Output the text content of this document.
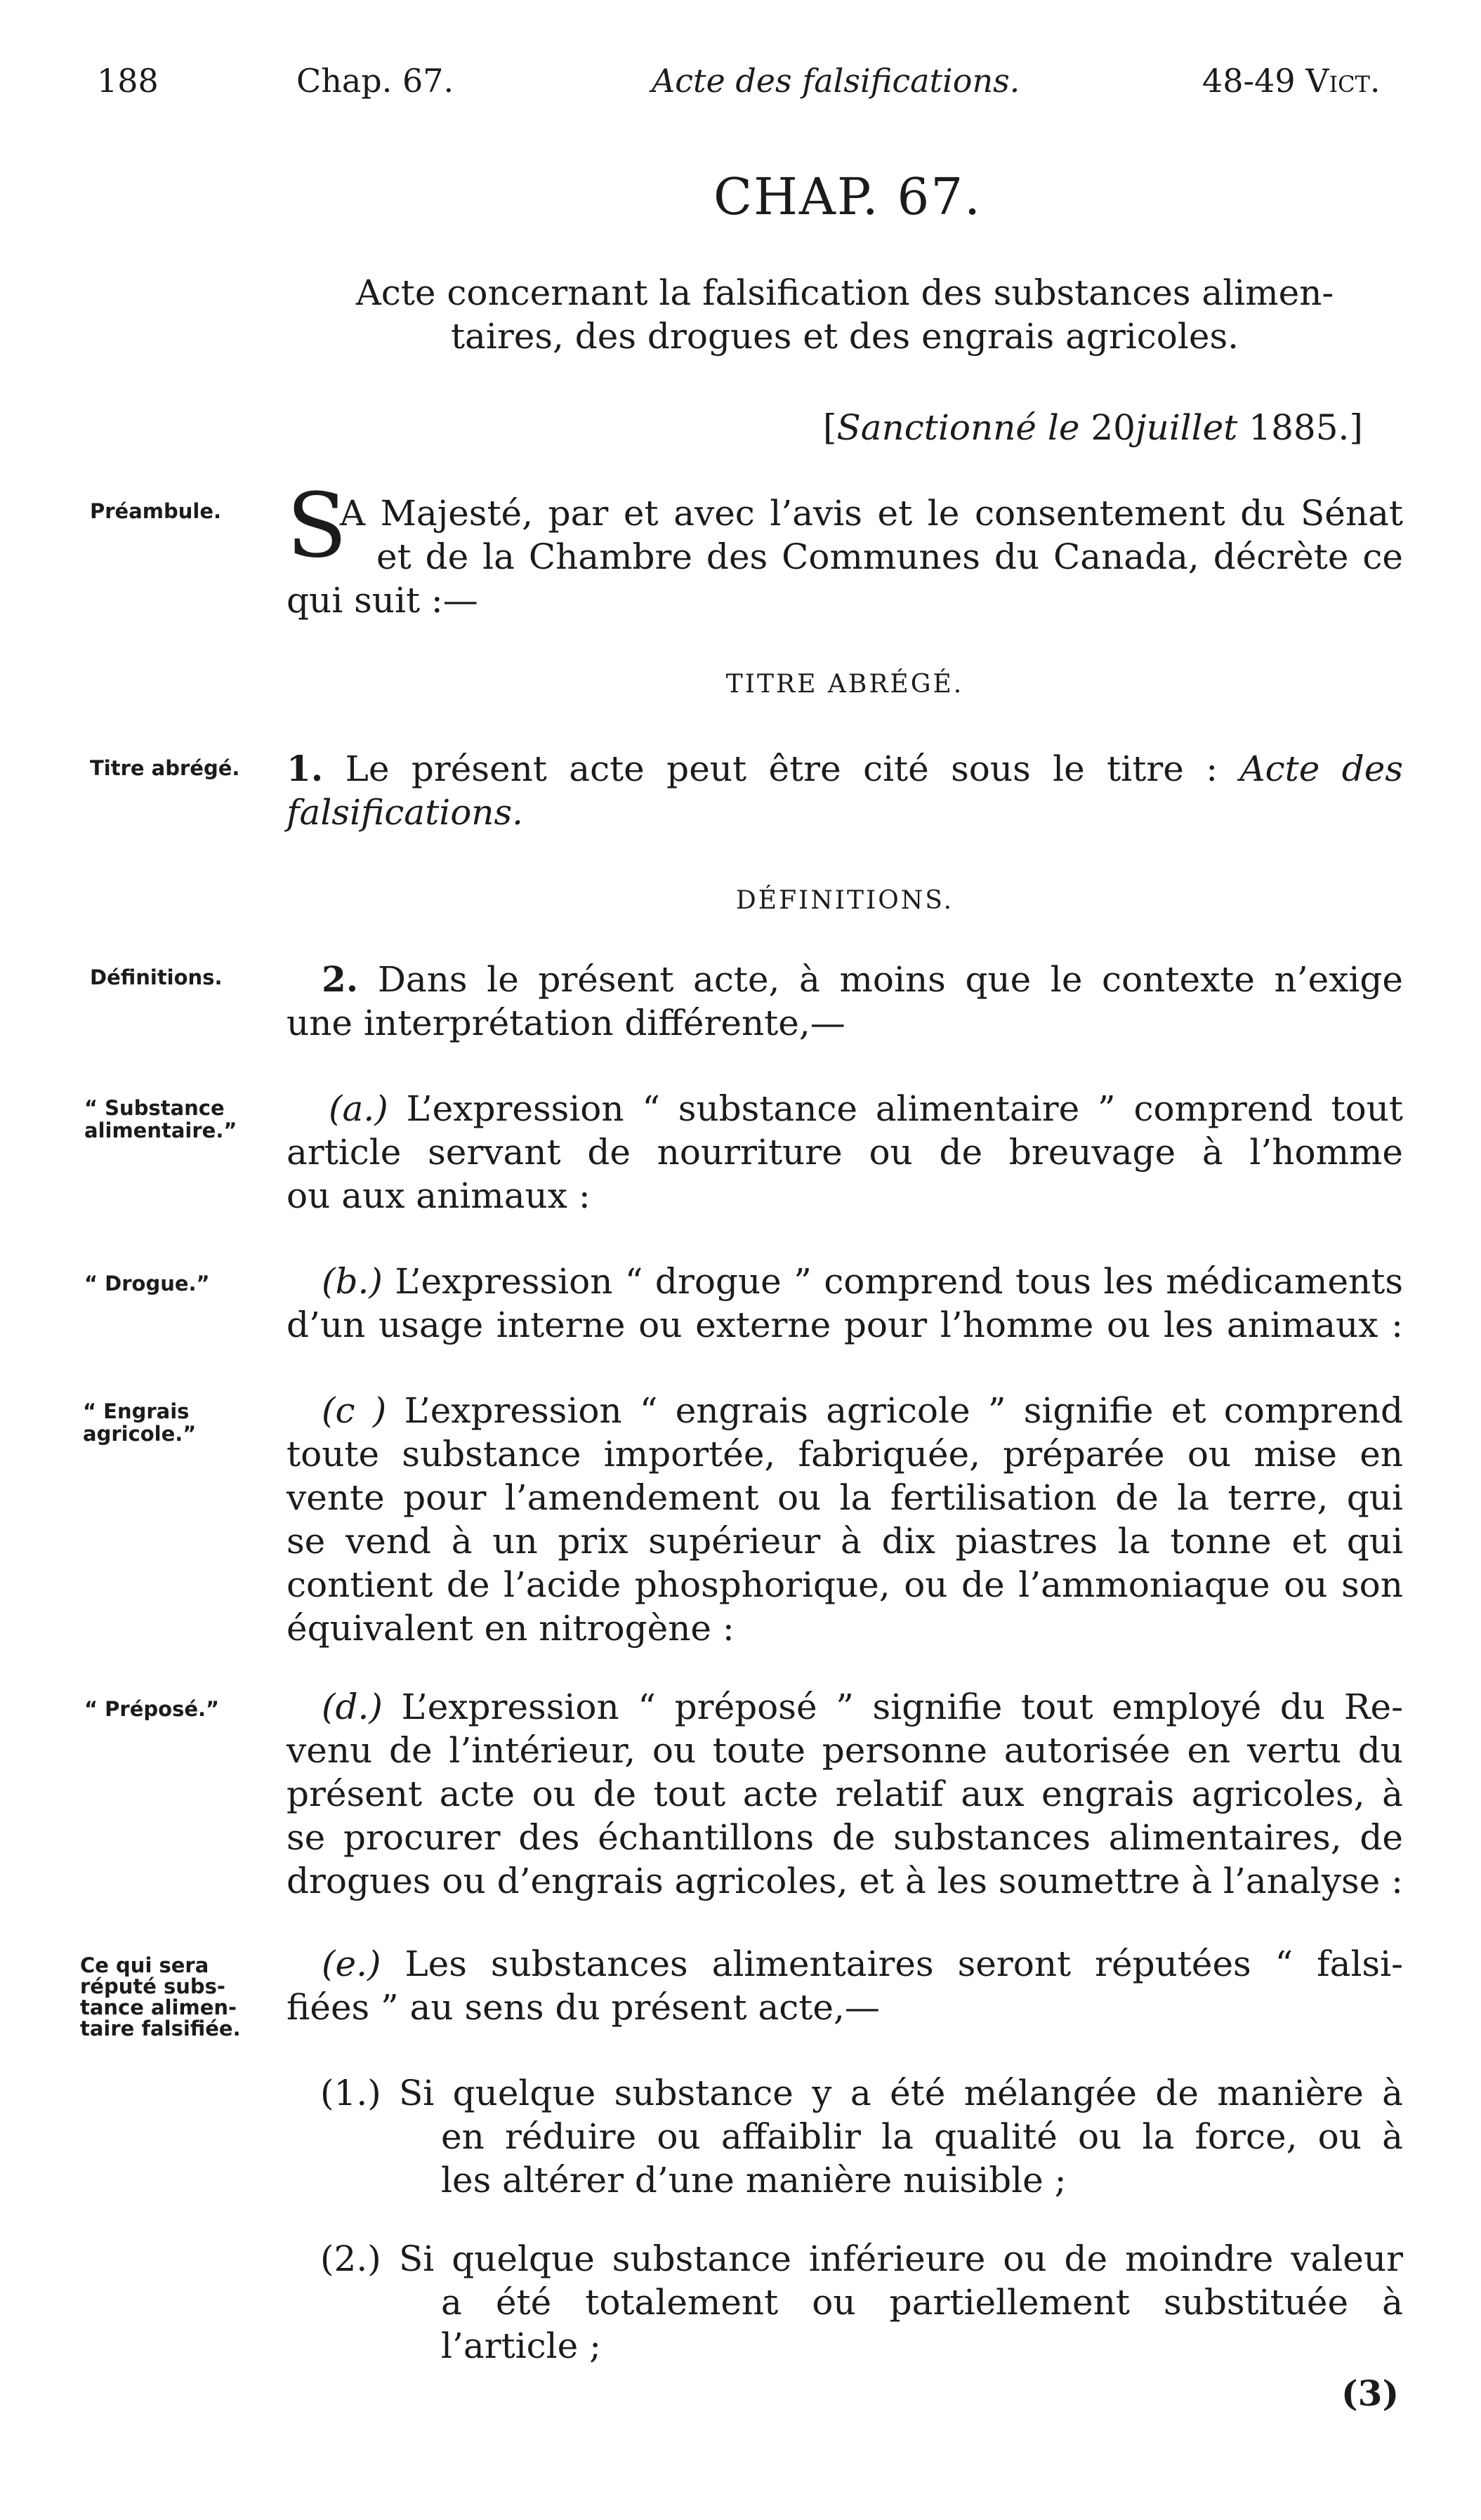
188	Chap. 67.	Acte des falsifications.	48-49 Vict.
CHAP. 67.
Acte concernant la falsification des substances alimen-
taires, des drogues et des engrais agricoles.
[Sanctionné le 20juillet 1885.]
Préambule. S
A Majesté, par et avec l’avis et le consentement du Sénat
et de la Chambre des Communes du Canada, décrète ce
qui suit :—
TITRE ABRÉGÉ.
Titre abrégé. 1. Le présent acte peut être cité sous le titre : Acte des
falsifications.
DÉFINITIONS.
Définitions.	2. Dans le présent acte, à moins que le contexte n’exige
une interprétation différente,—
“ Substance
alimentaire.”
(a.) L’expression “ substance alimentaire ” comprend tout
article servant de nourriture ou de breuvage à l’homme
ou aux animaux :
“ Drogue.”	(b.) L’expression “ drogue ” comprend tous les médicaments
d’un usage interne ou externe pour l’homme ou les animaux :
“ Engrais
agricole.”
(c ) L’expression “ engrais agricole ” signifie et comprend
toute substance importée, fabriquée, préparée ou mise en
vente pour l’amendement ou la fertilisation de la terre, qui
se vend à un prix supérieur à dix piastres la tonne et qui
contient de l’acide phosphorique, ou de l’ammoniaque ou son
équivalent en nitrogène :
“ Préposé.”	(d.) L’expression “ préposé ” signifie tout employé du Re-
venu de l’intérieur, ou toute personne autorisée en vertu du
présent acte ou de tout acte relatif aux engrais agricoles, à
se procurer des échantillons de substances alimentaires, de
drogues ou d’engrais agricoles, et à les soumettre à l’analyse :
Ce qui sera
réputé subs-
tance alimen-
taire falsifiée.
(e.) Les substances alimentaires seront réputées “ falsi-
fiées ” au sens du présent acte,—
(1.) Si quelque substance y a été mélangée de manière à
en réduire ou affaiblir la qualité ou la force, ou à
les altérer d’une manière nuisible ;
(2.) Si quelque substance inférieure ou de moindre valeur
a été totalement ou partiellement substituée à
l’article ;
(3)
